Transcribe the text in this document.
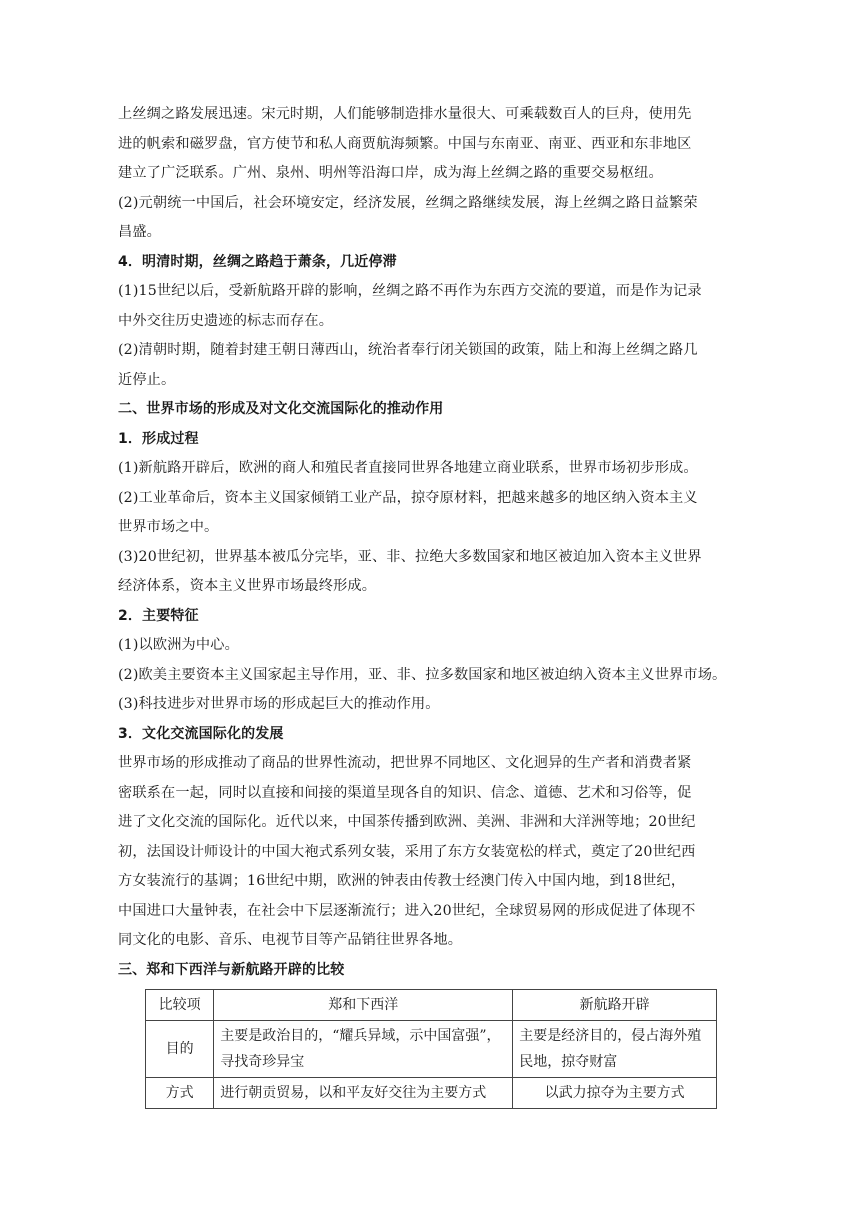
上丝绸之路发展迅速。宋元时期，人们能够制造排水量很大、可乘载数百人的巨舟，使用先
进的帆索和磁罗盘，官方使节和私人商贾航海频繁。中国与东南亚、南亚、西亚和东非地区
建立了广泛联系。广州、泉州、明州等沿海口岸，成为海上丝绸之路的重要交易枢纽。
(2)元朝统一中国后，社会环境安定，经济发展，丝绸之路继续发展，海上丝绸之路日益繁荣
昌盛。
4．明清时期，丝绸之路趋于萧条，几近停滞
(1)15世纪以后，受新航路开辟的影响，丝绸之路不再作为东西方交流的要道，而是作为记录
中外交往历史遗迹的标志而存在。
(2)清朝时期，随着封建王朝日薄西山，统治者奉行闭关锁国的政策，陆上和海上丝绸之路几
近停止。
二、世界市场的形成及对文化交流国际化的推动作用
1．形成过程
(1)新航路开辟后，欧洲的商人和殖民者直接同世界各地建立商业联系，世界市场初步形成。
(2)工业革命后，资本主义国家倾销工业产品，掠夺原材料，把越来越多的地区纳入资本主义
世界市场之中。
(3)20世纪初，世界基本被瓜分完毕，亚、非、拉绝大多数国家和地区被迫加入资本主义世界
经济体系，资本主义世界市场最终形成。
2．主要特征
(1)以欧洲为中心。
(2)欧美主要资本主义国家起主导作用，亚、非、拉多数国家和地区被迫纳入资本主义世界市场。
(3)科技进步对世界市场的形成起巨大的推动作用。
3．文化交流国际化的发展
世界市场的形成推动了商品的世界性流动，把世界不同地区、文化迥异的生产者和消费者紧
密联系在一起，同时以直接和间接的渠道呈现各自的知识、信念、道德、艺术和习俗等，促
进了文化交流的国际化。近代以来，中国茶传播到欧洲、美洲、非洲和大洋洲等地；20世纪
初，法国设计师设计的中国大袍式系列女装，采用了东方女装宽松的样式，奠定了20世纪西
方女装流行的基调；16世纪中期，欧洲的钟表由传教士经澳门传入中国内地，到18世纪，
中国进口大量钟表，在社会中下层逐渐流行；进入20世纪，全球贸易网的形成促进了体现不
同文化的电影、音乐、电视节目等产品销往世界各地。
三、郑和下西洋与新航路开辟的比较
比较项	郑和下西洋	新航路开辟
目的	主要是政治目的，“耀兵异域，示中国富强”，寻找奇珍异宝	主要是经济目的，侵占海外殖民地，掠夺财富
方式	进行朝贡贸易，以和平友好交往为主要方式	以武力掠夺为主要方式
